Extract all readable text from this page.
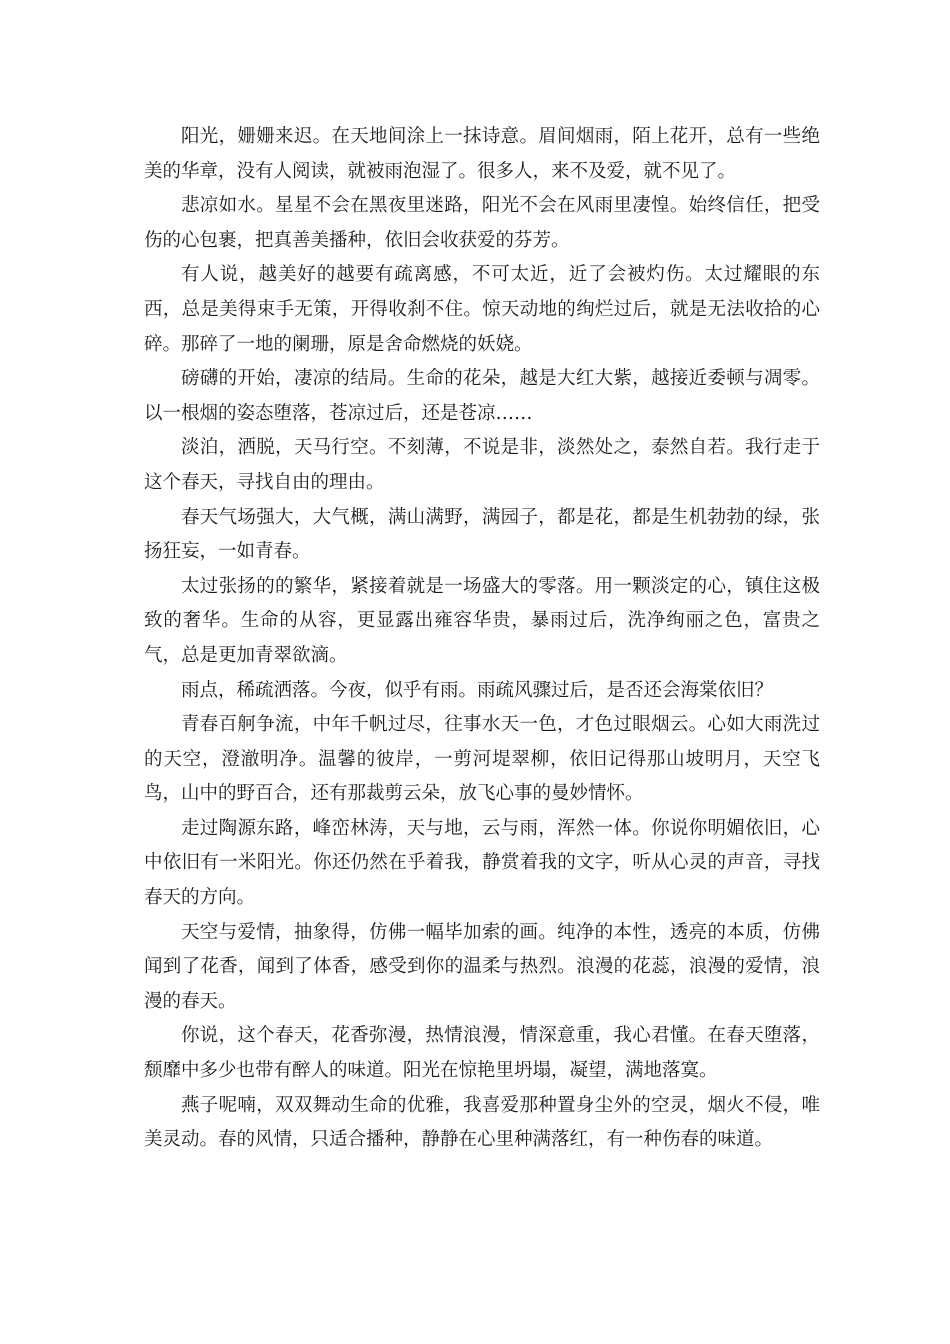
阳光，姗姗来迟。在天地间涂上一抹诗意。眉间烟雨，陌上花开，总有一些绝美的华章，没有人阅读，就被雨泡湿了。很多人，来不及爱，就不见了。

悲凉如水。星星不会在黑夜里迷路，阳光不会在风雨里凄惶。始终信任，把受伤的心包裹，把真善美播种，依旧会收获爱的芬芳。

有人说，越美好的越要有疏离感，不可太近，近了会被灼伤。太过耀眼的东西，总是美得束手无策，开得收刹不住。惊天动地的绚烂过后，就是无法收拾的心碎。那碎了一地的阑珊，原是舍命燃烧的妖娆。

磅礴的开始，凄凉的结局。生命的花朵，越是大红大紫，越接近委顿与凋零。以一根烟的姿态堕落，苍凉过后，还是苍凉……

淡泊，洒脱，天马行空。不刻薄，不说是非，淡然处之，泰然自若。我行走于这个春天，寻找自由的理由。

春天气场强大，大气概，满山满野，满园子，都是花，都是生机勃勃的绿，张扬狂妄，一如青春。

太过张扬的的繁华，紧接着就是一场盛大的零落。用一颗淡定的心，镇住这极致的奢华。生命的从容，更显露出雍容华贵，暴雨过后，洗净绚丽之色，富贵之气，总是更加青翠欲滴。

雨点，稀疏洒落。今夜，似乎有雨。雨疏风骤过后，是否还会海棠依旧？

青春百舸争流，中年千帆过尽，往事水天一色，才色过眼烟云。心如大雨洗过的天空，澄澈明净。温馨的彼岸，一剪河堤翠柳，依旧记得那山坡明月，天空飞鸟，山中的野百合，还有那裁剪云朵，放飞心事的曼妙情怀。

走过陶源东路，峰峦林涛，天与地，云与雨，浑然一体。你说你明媚依旧，心中依旧有一米阳光。你还仍然在乎着我，静赏着我的文字，听从心灵的声音，寻找春天的方向。

天空与爱情，抽象得，仿佛一幅毕加索的画。纯净的本性，透亮的本质，仿佛闻到了花香，闻到了体香，感受到你的温柔与热烈。浪漫的花蕊，浪漫的爱情，浪漫的春天。

你说，这个春天，花香弥漫，热情浪漫，情深意重，我心君懂。在春天堕落，颓靡中多少也带有醉人的味道。阳光在惊艳里坍塌，凝望，满地落寞。

燕子呢喃，双双舞动生命的优雅，我喜爱那种置身尘外的空灵，烟火不侵，唯美灵动。春的风情，只适合播种，静静在心里种满落红，有一种伤春的味道。
